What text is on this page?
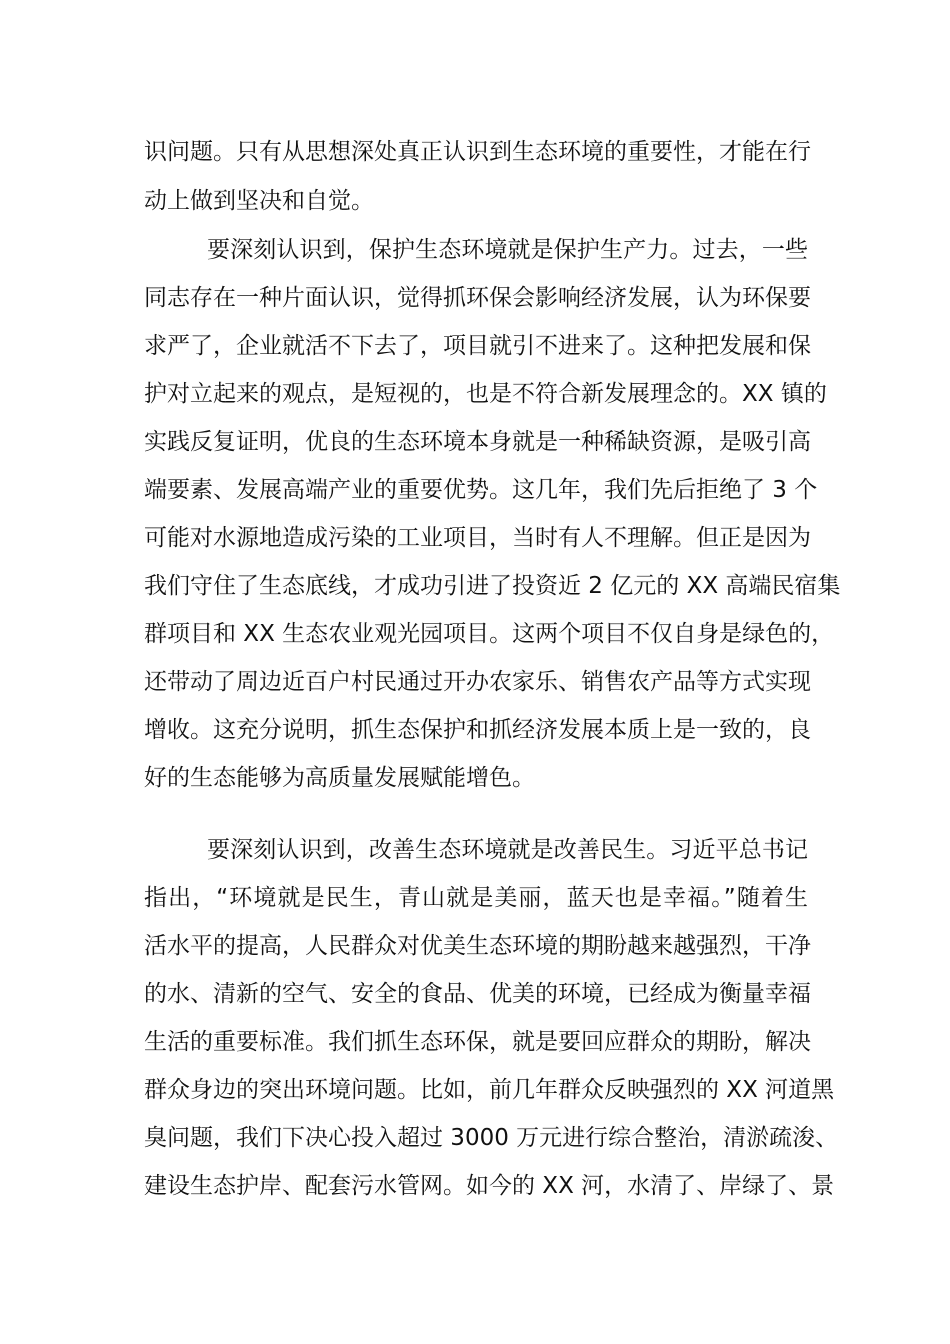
识问题。只有从思想深处真正认识到生态环境的重要性，才能在行
动上做到坚决和自觉。
要深刻认识到，保护生态环境就是保护生产力。过去，一些
同志存在一种片面认识，觉得抓环保会影响经济发展，认为环保要
求严了，企业就活不下去了，项目就引不进来了。这种把发展和保
护对立起来的观点，是短视的，也是不符合新发展理念的。XX 镇的
实践反复证明，优良的生态环境本身就是一种稀缺资源，是吸引高
端要素、发展高端产业的重要优势。这几年，我们先后拒绝了 3 个
可能对水源地造成污染的工业项目，当时有人不理解。但正是因为
我们守住了生态底线，才成功引进了投资近 2 亿元的 XX 高端民宿集
群项目和 XX 生态农业观光园项目。这两个项目不仅自身是绿色的，
还带动了周边近百户村民通过开办农家乐、销售农产品等方式实现
增收。这充分说明，抓生态保护和抓经济发展本质上是一致的，良
好的生态能够为高质量发展赋能增色。
要深刻认识到，改善生态环境就是改善民生。习近平总书记
指出，“环境就是民生，青山就是美丽，蓝天也是幸福。”随着生
活水平的提高，人民群众对优美生态环境的期盼越来越强烈，干净
的水、清新的空气、安全的食品、优美的环境，已经成为衡量幸福
生活的重要标准。我们抓生态环保，就是要回应群众的期盼，解决
群众身边的突出环境问题。比如，前几年群众反映强烈的 XX 河道黑
臭问题，我们下决心投入超过 3000 万元进行综合整治，清淤疏浚、
建设生态护岸、配套污水管网。如今的 XX 河，水清了、岸绿了、景
